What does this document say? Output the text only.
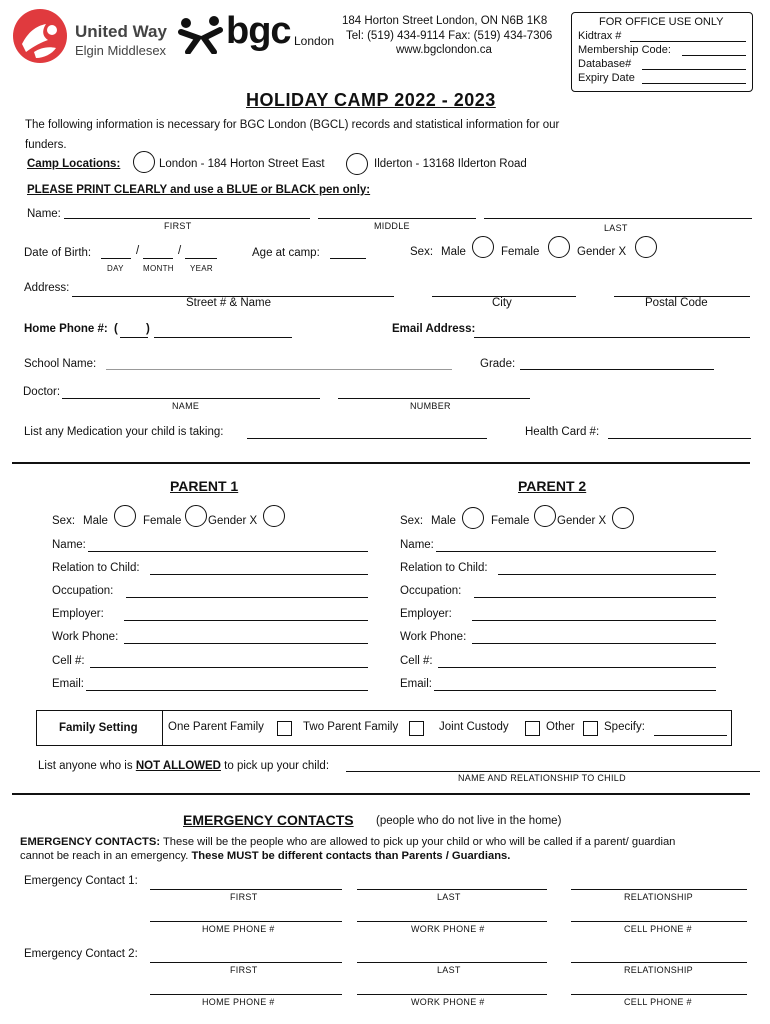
United Way
Elgin Middlesex bgc London
184 Horton Street London, ON N6B 1K8
Tel: (519) 434-9114 Fax: (519) 434-7306
www.bgclondon.ca
FOR OFFICE USE ONLY
Kidtrax #
Membership Code:
Database#
Expiry Date
HOLIDAY CAMP 2022 - 2023
The following information is necessary for BGC London (BGCL) records and statistical information for our
funders.
Camp Locations:	London - 184 Horton Street East	Ilderton - 13168 Ilderton Road
PLEASE PRINT CLEARLY and use a BLUE or BLACK pen only:
Name:
FIRST	MIDDLE	LAST
Date of Birth:	/	/
DAY MONTH YEAR
Age at camp:	Sex: Male	Female	Gender X
Address:
Street # & Name	City	Postal Code
Home Phone #: ( )	Email Address:
School Name:	Grade:
Doctor:
NAME	NUMBER
List any Medication your child is taking:	Health Card #:
PARENT 1	PARENT 2
Sex: Male	Female Gender X	Sex: Male	Female Gender X
Name:	Name:
Relation to Child:	Relation to Child:
Occupation:	Occupation:
Employer:	Employer:
Work Phone:	Work Phone:
Cell #:	Cell #:
Email:	Email:
Family Setting	One Parent Family	Two Parent Family	Joint Custody	Other	Specify:
List anyone who is NOT ALLOWED to pick up your child:
NAME AND RELATIONSHIP TO CHILD
EMERGENCY CONTACTS (people who do not live in the home)
EMERGENCY CONTACTS: These will be the people who are allowed to pick up your child or who will be called if a parent/ guardian
cannot be reach in an emergency. These MUST be different contacts than Parents / Guardians.
Emergency Contact 1:
FIRST	LAST	RELATIONSHIP
HOME PHONE #	WORK PHONE #	CELL PHONE #
Emergency Contact 2:
FIRST	LAST	RELATIONSHIP
HOME PHONE #	WORK PHONE #	CELL PHONE #
